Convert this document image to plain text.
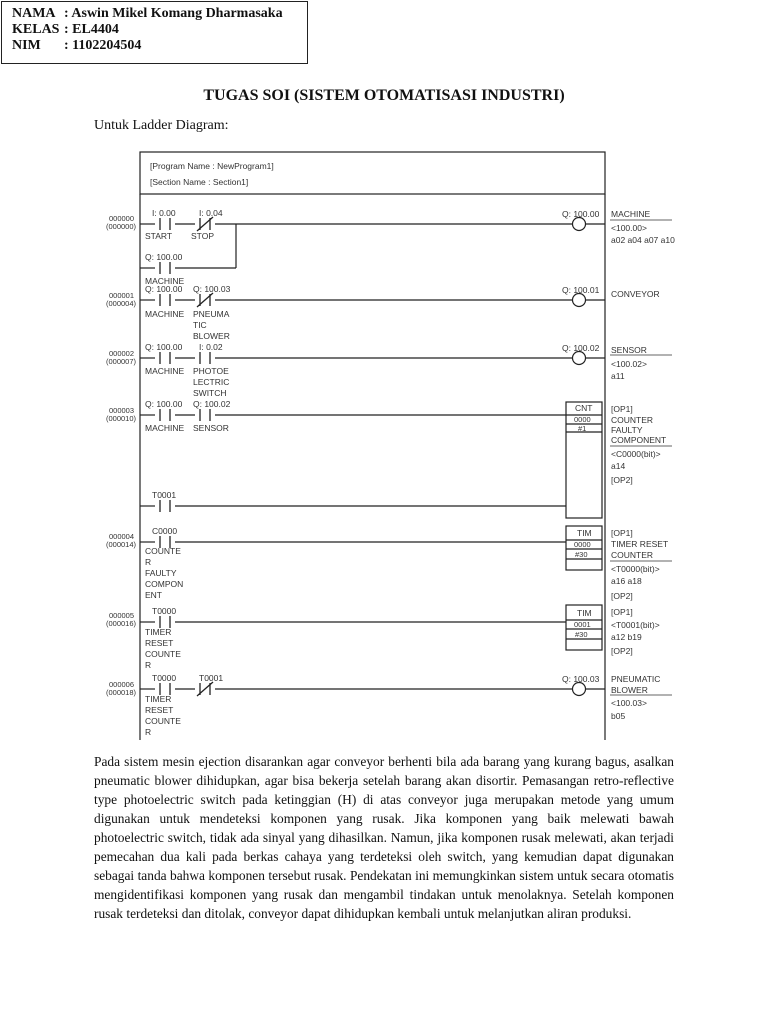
NAMA : Aswin Mikel Komang Dharmasaka
KELAS : EL4404
NIM : 1102204504
TUGAS SOI (SISTEM OTOMATISASI INDUSTRI)
Untuk Ladder Diagram:
[Program Name : NewProgram1]
[Section Name : Section1]
000000
(000000)
000001
(000004)
000002
(000007)
000003
(000010)
000004
(000014)
000005
(000016)
000006
(000018)
I: 0.00
START
I: 0.04
STOP
Q: 100.00
MACHINE
Q: 100.00
MACHINE
Q: 100.03
PNEUMA
TIC
BLOWER
Q: 100.00
MACHINE
I: 0.02
PHOTOE
LECTRIC
SWITCH
Q: 100.00
MACHINE
Q: 100.02
SENSOR
T0001
C0000
COUNTE
R
FAULTY
COMPON
ENT
T0000
TIMER
RESET
COUNTE
R
T0000
TIMER
RESET
COUNTE
R
T0001
Q: 100.00
Q: 100.01
Q: 100.02
Q: 100.03
MACHINE
<100.00>
a02 a04 a07 a10
CONVEYOR
SENSOR
<100.02>
a11
PNEUMATIC
BLOWER
<100.03>
b05
CNT
0000
#1
TIM
0000
#30
TIM
0001
#30
[OP1]
COUNTER
FAULTY
COMPONENT
<C0000(bit)>
a14
[OP2]
[OP1]
TIMER RESET
COUNTER
<T0000(bit)>
a16 a18
[OP2]
[OP1]
<T0001(bit)>
a12 b19
[OP2]
Pada sistem mesin ejection disarankan agar conveyor berhenti bila ada barang yang kurang bagus, asalkan pneumatic blower dihidupkan, agar bisa bekerja setelah barang akan disortir. Pemasangan retro-reflective type photoelectric switch pada ketinggian (H) di atas conveyor juga merupakan metode yang umum digunakan untuk mendeteksi komponen yang rusak. Jika komponen yang baik melewati bawah photoelectric switch, tidak ada sinyal yang dihasilkan. Namun, jika komponen rusak melewati, akan terjadi pemecahan dua kali pada berkas cahaya yang terdeteksi oleh switch, yang kemudian dapat digunakan sebagai tanda bahwa komponen tersebut rusak. Pendekatan ini memungkinkan sistem untuk secara otomatis mengidentifikasi komponen yang rusak dan mengambil tindakan untuk menolaknya. Setelah komponen rusak terdeteksi dan ditolak, conveyor dapat dihidupkan kembali untuk melanjutkan aliran produksi.
